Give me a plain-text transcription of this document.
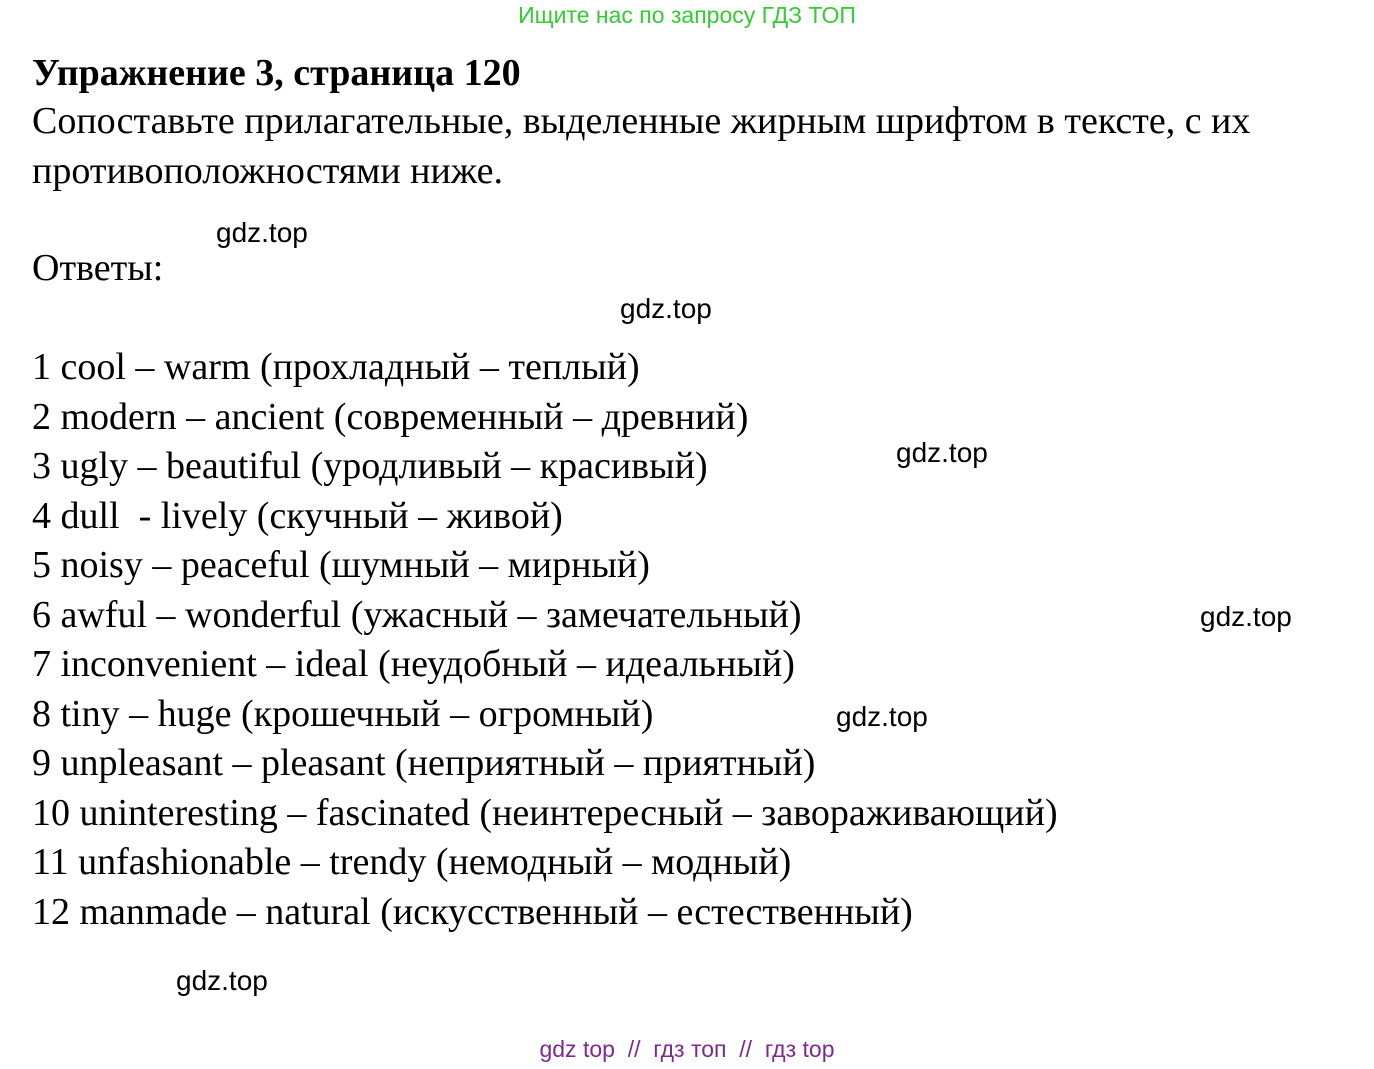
Ищите нас по запросу ГДЗ ТОП
Упражнение 3, страница 120
Сопоставьте прилагательные, выделенные жирным шрифтом в тексте, с их противоположностями ниже.
Ответы:
1 cool – warm (прохладный – теплый)
2 modern – ancient (современный – древний)
3 ugly – beautiful (уродливый – красивый)
4 dull  - lively (скучный – живой)
5 noisy – peaceful (шумный – мирный)
6 awful – wonderful (ужасный – замечательный)
7 inconvenient – ideal (неудобный – идеальный)
8 tiny – huge (крошечный – огромный)
9 unpleasant – pleasant (неприятный – приятный)
10 uninteresting – fascinated (неинтересный – завораживающий)
11 unfashionable – trendy (немодный – модный)
12 manmade – natural (искусственный – естественный)
gdz.top
gdz.top
gdz.top
gdz.top
gdz.top
gdz.top
gdz top  //  гдз топ  //  гдз top
